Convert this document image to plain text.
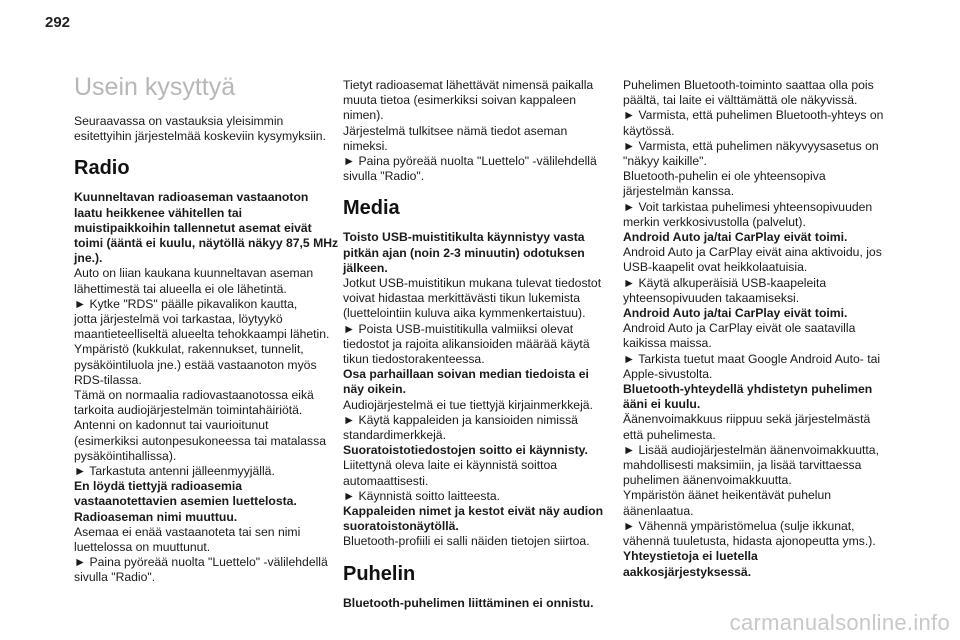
292
Usein kysyttyä

Seuraavassa on vastauksia yleisimmin
esitettyihin järjestelmää koskeviin kysymyksiin.

Radio

Kuunneltavan radioaseman vastaanoton
laatu heikkenee vähitellen tai
muistipaikkoihin tallennetut asemat eivät
toimi (ääntä ei kuulu, näytöllä näkyy 87,5 MHz
jne.).

Auto on liian kaukana kuunneltavan aseman
lähettimestä tai alueella ei ole lähetintä.
► Kytke "RDS" päälle pikavalikon kautta,
jotta järjestelmä voi tarkastaa, löytyykö
maantieteelliseltä alueelta tehokkaampi lähetin.
Ympäristö (kukkulat, rakennukset, tunnelit,
pysäköintiluola jne.) estää vastaanoton myös
RDS-tilassa.
Tämä on normaalia radiovastaanotossa eikä
tarkoita audiojärjestelmän toimintahäiriötä.
Antenni on kadonnut tai vaurioitunut
(esimerkiksi autonpesukoneessa tai matalassa
pysäköintihallissa).
► Tarkastuta antenni jälleenmyyjällä.

En löydä tiettyjä radioasemia
vastaanotettavien asemien luettelosta.

Radioaseman nimi muuttuu.

Asemaa ei enää vastaanoteta tai sen nimi
luettelossa on muuttunut.
► Paina pyöreää nuolta "Luettelo" -välilehdellä
sivulla "Radio".

Tietyt radioasemat lähettävät nimensä paikalla
muuta tietoa (esimerkiksi soivan kappaleen
nimen).
Järjestelmä tulkitsee nämä tiedot aseman
nimeksi.
► Paina pyöreää nuolta "Luettelo" -välilehdellä
sivulla "Radio".

Media

Toisto USB-muistitikulta käynnistyy vasta
pitkän ajan (noin 2-3 minuutin) odotuksen
jälkeen.

Jotkut USB-muistitikun mukana tulevat tiedostot
voivat hidastaa merkittävästi tikun lukemista
(luettelointiin kuluva aika kymmenkertaistuu).
► Poista USB-muistitikulla valmiiksi olevat
tiedostot ja rajoita alikansioiden määrää käytä
tikun tiedostorakenteessa.

Osa parhaillaan soivan median tiedoista ei
näy oikein.

Audiojärjestelmä ei tue tiettyjä kirjainmerkkejä.
► Käytä kappaleiden ja kansioiden nimissä
standardimerkkejä.

Suoratoistotiedostojen soitto ei käynnisty.

Liitettynä oleva laite ei käynnistä soittoa
automaattisesti.
► Käynnistä soitto laitteesta.

Kappaleiden nimet ja kestot eivät näy audion
suoratoistonäytöllä.

Bluetooth-profiili ei salli näiden tietojen siirtoa.

Puhelin

Bluetooth-puhelimen liittäminen ei onnistu.

Puhelimen Bluetooth-toiminto saattaa olla pois
päältä, tai laite ei välttämättä ole näkyvissä.
► Varmista, että puhelimen Bluetooth-yhteys on
käytössä.
► Varmista, että puhelimen näkyvyysasetus on
"näkyy kaikille".
Bluetooth-puhelin ei ole yhteensopiva
järjestelmän kanssa.
► Voit tarkistaa puhelimesi yhteensopivuuden
merkin verkkosivustolla (palvelut).

Android Auto ja/tai CarPlay eivät toimi.

Android Auto ja CarPlay eivät aina aktivoidu, jos
USB-kaapelit ovat heikkolaatuisia.
► Käytä alkuperäisiä USB-kaapeleita
yhteensopivuuden takaamiseksi.

Android Auto ja/tai CarPlay eivät toimi.

Android Auto ja CarPlay eivät ole saatavilla
kaikissa maissa.
► Tarkista tuetut maat Google Android Auto- tai
Apple-sivustolta.

Bluetooth-yhteydellä yhdistetyn puhelimen
ääni ei kuulu.

Äänenvoimakkuus riippuu sekä järjestelmästä
että puhelimesta.
► Lisää audiojärjestelmän äänenvoimakkuutta,
mahdollisesti maksimiin, ja lisää tarvittaessa
puhelimen äänenvoimakkuutta.
Ympäristön äänet heikentävät puhelun
äänenlaatua.
► Vähennä ympäristömelua (sulje ikkunat,
vähennä tuuletusta, hidasta ajonopeutta yms.).

Yhteystietoja ei luetella
aakkosjärjestyksessä.

carmanualsonline.info
